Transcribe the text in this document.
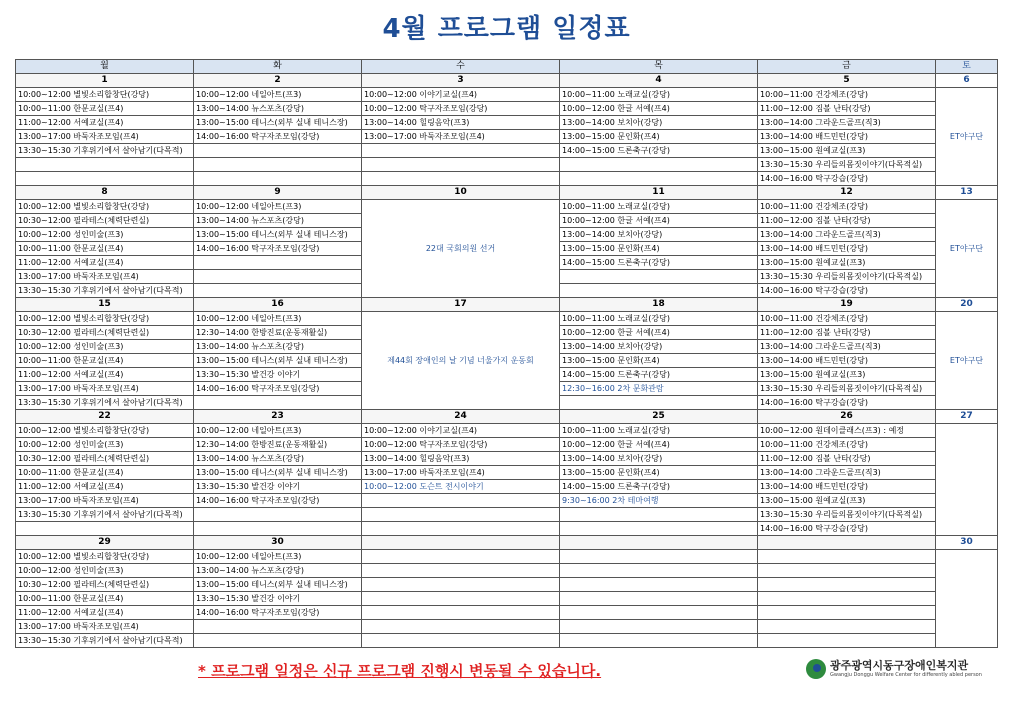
4월 프로그램 일정표
월	화	수	목	금	토
1	2	3	4	5	6
10:00~12:00 별빛소리합창단(강당)	10:00~12:00 네일아트(프3)	10:00~12:00 이야기교실(프4)	10:00~11:00 노래교실(강당)	10:00~11:00 건강체조(강당)	ET야구단
10:00~11:00 한문교실(프4)	13:00~14:00 뉴스포츠(강당)	10:00~12:00 탁구자조모임(강당)	10:00~12:00 한글 서예(프4)	11:00~12:00 짐볼 난타(강당)	
11:00~12:00 서예교실(프4)	13:00~15:00 테니스(외부 실내 테니스장)	13:00~14:00 힐링음악(프3)	13:00~14:00 보치아(강당)	13:00~14:00 그라운드골프(직3)	
13:00~17:00 바둑자조모임(프4)	14:00~16:00 탁구자조모임(강당)	13:00~17:00 바둑자조모임(프4)	13:00~15:00 문인화(프4)	13:00~14:00 배드민턴(강당)	
13:30~15:30 기후위기에서 살아남기(다목적)			14:00~15:00 드론축구(강당)	13:00~15:00 원예교실(프3)	
				13:30~15:30 우리들의몸짓이야기(다목적실)	
				14:00~16:00 탁구강습(강당)	
8	9	10	11	12	13
10:00~12:00 별빛소리합창단(강당)	10:00~12:00 네일아트(프3)	22대 국회의원 선거	10:00~11:00 노래교실(강당)	10:00~11:00 건강체조(강당)	ET야구단
10:30~12:00 필라테스(체력단련실)	13:00~14:00 뉴스포츠(강당)		10:00~12:00 한글 서예(프4)	11:00~12:00 짐볼 난타(강당)	
10:00~12:00 성인미술(프3)	13:00~15:00 테니스(외부 실내 테니스장)		13:00~14:00 보치아(강당)	13:00~14:00 그라운드골프(직3)	
10:00~11:00 한문교실(프4)	14:00~16:00 탁구자조모임(강당)		13:00~15:00 문인화(프4)	13:00~14:00 배드민턴(강당)	
11:00~12:00 서예교실(프4)			14:00~15:00 드론축구(강당)	13:00~15:00 원예교실(프3)	
13:00~17:00 바둑자조모임(프4)				13:30~15:30 우리들의몸짓이야기(다목적실)	
13:30~15:30 기후위기에서 살아남기(다목적)				14:00~16:00 탁구강습(강당)	
15	16	17	18	19	20
10:00~12:00 별빛소리합창단(강당)	10:00~12:00 네일아트(프3)	제44회 장애인의 날 기념 너울가지 운동회	10:00~11:00 노래교실(강당)	10:00~11:00 건강체조(강당)	ET야구단
10:30~12:00 필라테스(체력단련실)	12:30~14:00 한방진료(운동재활실)		10:00~12:00 한글 서예(프4)	11:00~12:00 짐볼 난타(강당)	
10:00~12:00 성인미술(프3)	13:00~14:00 뉴스포츠(강당)		13:00~14:00 보치아(강당)	13:00~14:00 그라운드골프(직3)	
10:00~11:00 한문교실(프4)	13:00~15:00 테니스(외부 실내 테니스장)		13:00~15:00 문인화(프4)	13:00~14:00 배드민턴(강당)	
11:00~12:00 서예교실(프4)	13:30~15:30 발건강 이야기		14:00~15:00 드론축구(강당)	13:00~15:00 원예교실(프3)	
13:00~17:00 바둑자조모임(프4)	14:00~16:00 탁구자조모임(강당)		12:30~16:00 2차 문화관람	13:30~15:30 우리들의몸짓이야기(다목적실)	
13:30~15:30 기후위기에서 살아남기(다목적)				14:00~16:00 탁구강습(강당)	
22	23	24	25	26	27
10:00~12:00 별빛소리합창단(강당)	10:00~12:00 네일아트(프3)	10:00~12:00 이야기교실(프4)	10:00~11:00 노래교실(강당)	10:00~12:00 원데이클래스(프3) : 예정	
10:00~12:00 성인미술(프3)	12:30~14:00 한방진료(운동재활실)	10:00~12:00 탁구자조모임(강당)	10:00~12:00 한글 서예(프4)	10:00~11:00 건강체조(강당)	
10:30~12:00 필라테스(체력단련실)	13:00~14:00 뉴스포츠(강당)	13:00~14:00 힐링음악(프3)	13:00~14:00 보치아(강당)	11:00~12:00 짐볼 난타(강당)	
10:00~11:00 한문교실(프4)	13:00~15:00 테니스(외부 실내 테니스장)	13:00~17:00 바둑자조모임(프4)	13:00~15:00 문인화(프4)	13:00~14:00 그라운드골프(직3)	
11:00~12:00 서예교실(프4)	13:30~15:30 발건강 이야기	10:00~12:00 도슨트 전시이야기	14:00~15:00 드론축구(강당)	13:00~14:00 배드민턴(강당)	
13:00~17:00 바둑자조모임(프4)	14:00~16:00 탁구자조모임(강당)		9:30~16:00 2차 테마여행	13:00~15:00 원예교실(프3)	
13:30~15:30 기후위기에서 살아남기(다목적)				13:30~15:30 우리들의몸짓이야기(다목적실)	
				14:00~16:00 탁구강습(강당)	
29	30				30
10:00~12:00 별빛소리합창단(강당)	10:00~12:00 네일아트(프3)				
10:00~12:00 성인미술(프3)	13:00~14:00 뉴스포츠(강당)				
10:30~12:00 필라테스(체력단련실)	13:00~15:00 테니스(외부 실내 테니스장)				
10:00~11:00 한문교실(프4)	13:30~15:30 발건강 이야기				
11:00~12:00 서예교실(프4)	14:00~16:00 탁구자조모임(강당)				
13:00~17:00 바둑자조모임(프4)					
13:30~15:30 기후위기에서 살아남기(다목적)					
* 프로그램 일정은 신규 프로그램 진행시 변동될 수 있습니다.	광주광역시동구장애인복지관
Gwangju Donggu Welfare Center for differently abled person
